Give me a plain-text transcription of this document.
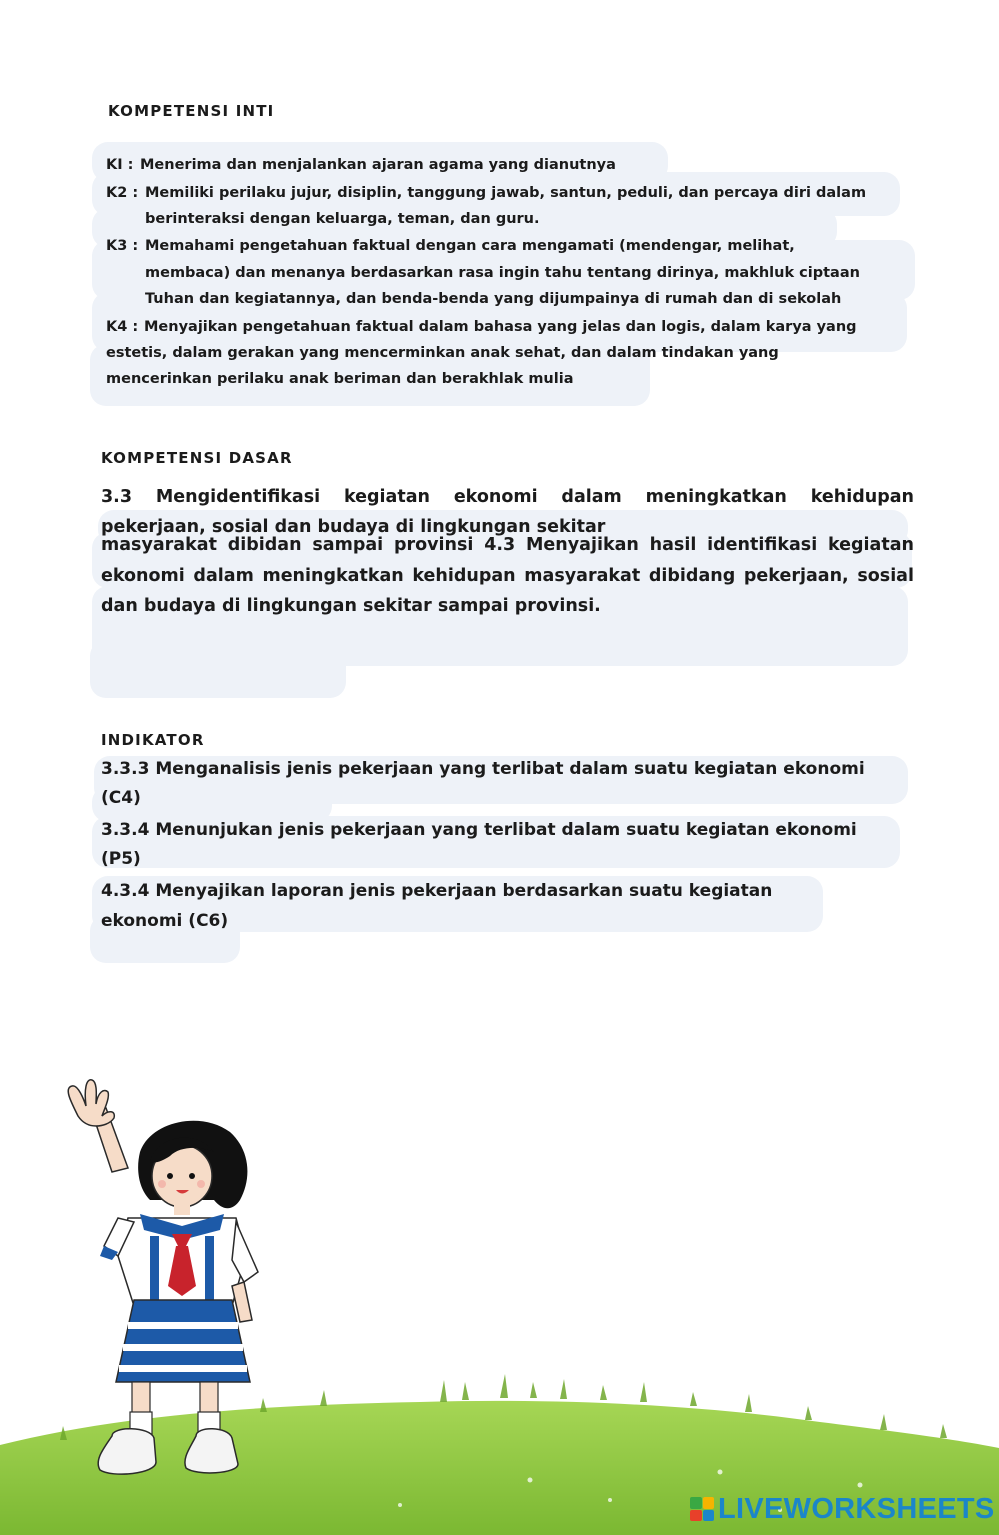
KOMPETENSI INTI
KI : Menerima dan menjalankan ajaran agama yang dianutnya
K2 : Memiliki perilaku jujur, disiplin, tanggung jawab, santun, peduli, dan percaya diri dalam
berinteraksi dengan keluarga, teman, dan guru.
K3 : Memahami pengetahuan faktual dengan cara mengamati (mendengar, melihat,
membaca) dan menanya berdasarkan rasa ingin tahu tentang dirinya, makhluk ciptaan
Tuhan dan kegiatannya, dan benda-benda yang dijumpainya di rumah dan di sekolah
K4 : Menyajikan pengetahuan faktual dalam bahasa yang jelas dan logis, dalam karya yang
estetis, dalam gerakan yang mencerminkan anak sehat, dan dalam tindakan yang
mencerinkan perilaku anak beriman dan berakhlak mulia
KOMPETENSI DASAR
3.3 Mengidentifikasi kegiatan ekonomi dalam meningkatkan kehidupan
pekerjaan, sosial dan budaya di lingkungan sekitar
masyarakat dibidan sampai provinsi 4.3 Menyajikan hasil identifikasi kegiatan
ekonomi dalam meningkatkan kehidupan masyarakat dibidang pekerjaan, sosial
dan budaya di lingkungan sekitar sampai provinsi.
INDIKATOR
3.3.3 Menganalisis jenis pekerjaan yang terlibat dalam suatu kegiatan ekonomi
(C4)
3.3.4 Menunjukan jenis pekerjaan yang terlibat dalam suatu kegiatan ekonomi
(P5)
4.3.4 Menyajikan laporan jenis pekerjaan berdasarkan suatu kegiatan
ekonomi (C6)
LIVEWORKSHEETS
